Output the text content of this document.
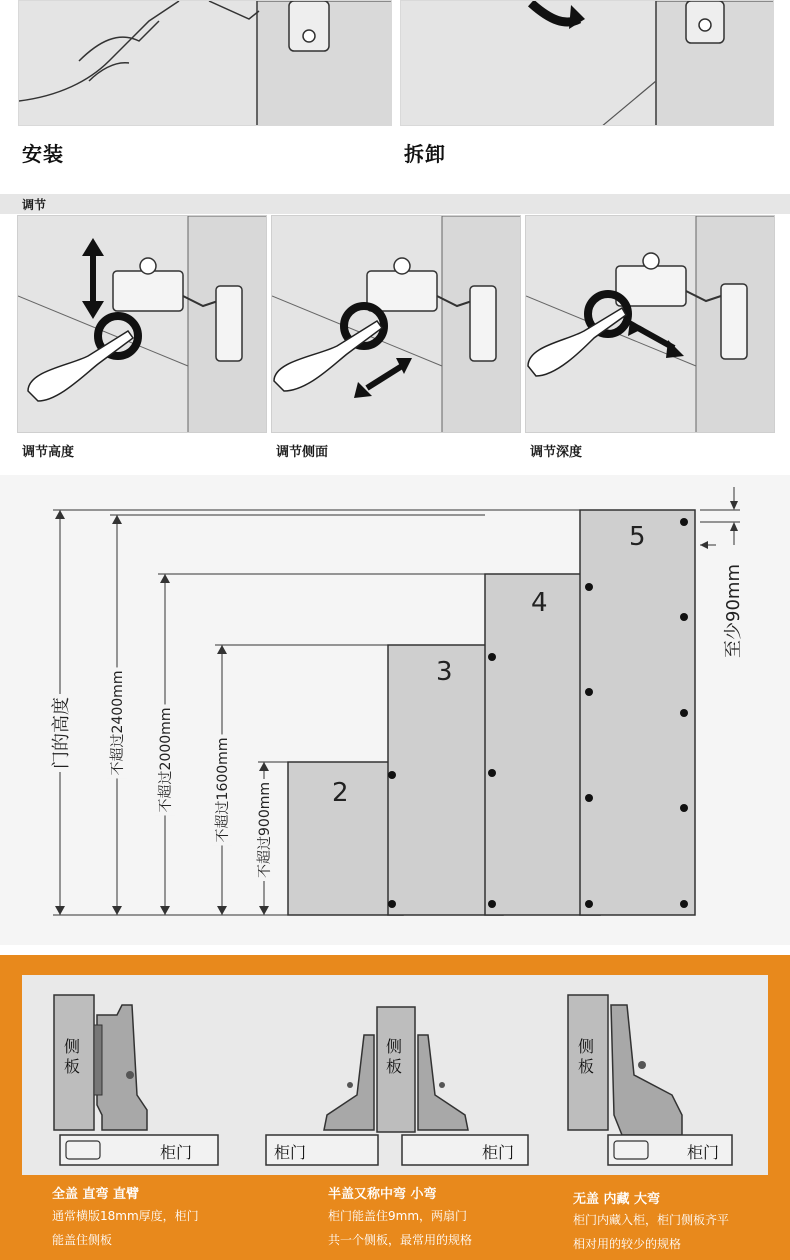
安装	拆卸
调节
调节高度	调节侧面	调节深度
2
3
4
5
门的高度	不超过2400mm 不超过2000mm	不超过1600mm 不超过900mm
至少90mm
侧板
柜门
侧板
柜门	柜门
侧板
柜门
全盖 直弯 直臂
通常横版18mm厚度，柜门
能盖住侧板
半盖又称中弯 小弯
柜门能盖住9mm，两扇门
共一个侧板，最常用的规格
无盖 内藏 大弯
柜门内藏入柜，柜门侧板齐平
相对用的较少的规格
